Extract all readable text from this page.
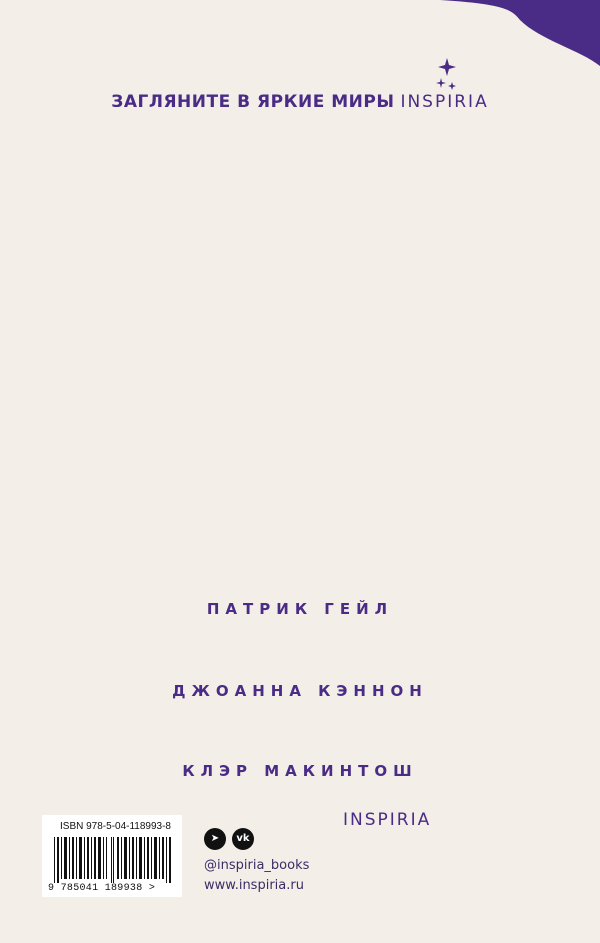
ЗАГЛЯНИТЕ В ЯРКИЕ МИРЫ INSPIRIA
ПАТРИК ГЕЙЛ
ДЖОАННА КЭННОН
КЛЭР МАКИНТОШ
ISBN 978-5-04-118993-8
9 785041 189938 >
➤ vk
@inspiria_books
www.inspiria.ru
INSPIRIA
